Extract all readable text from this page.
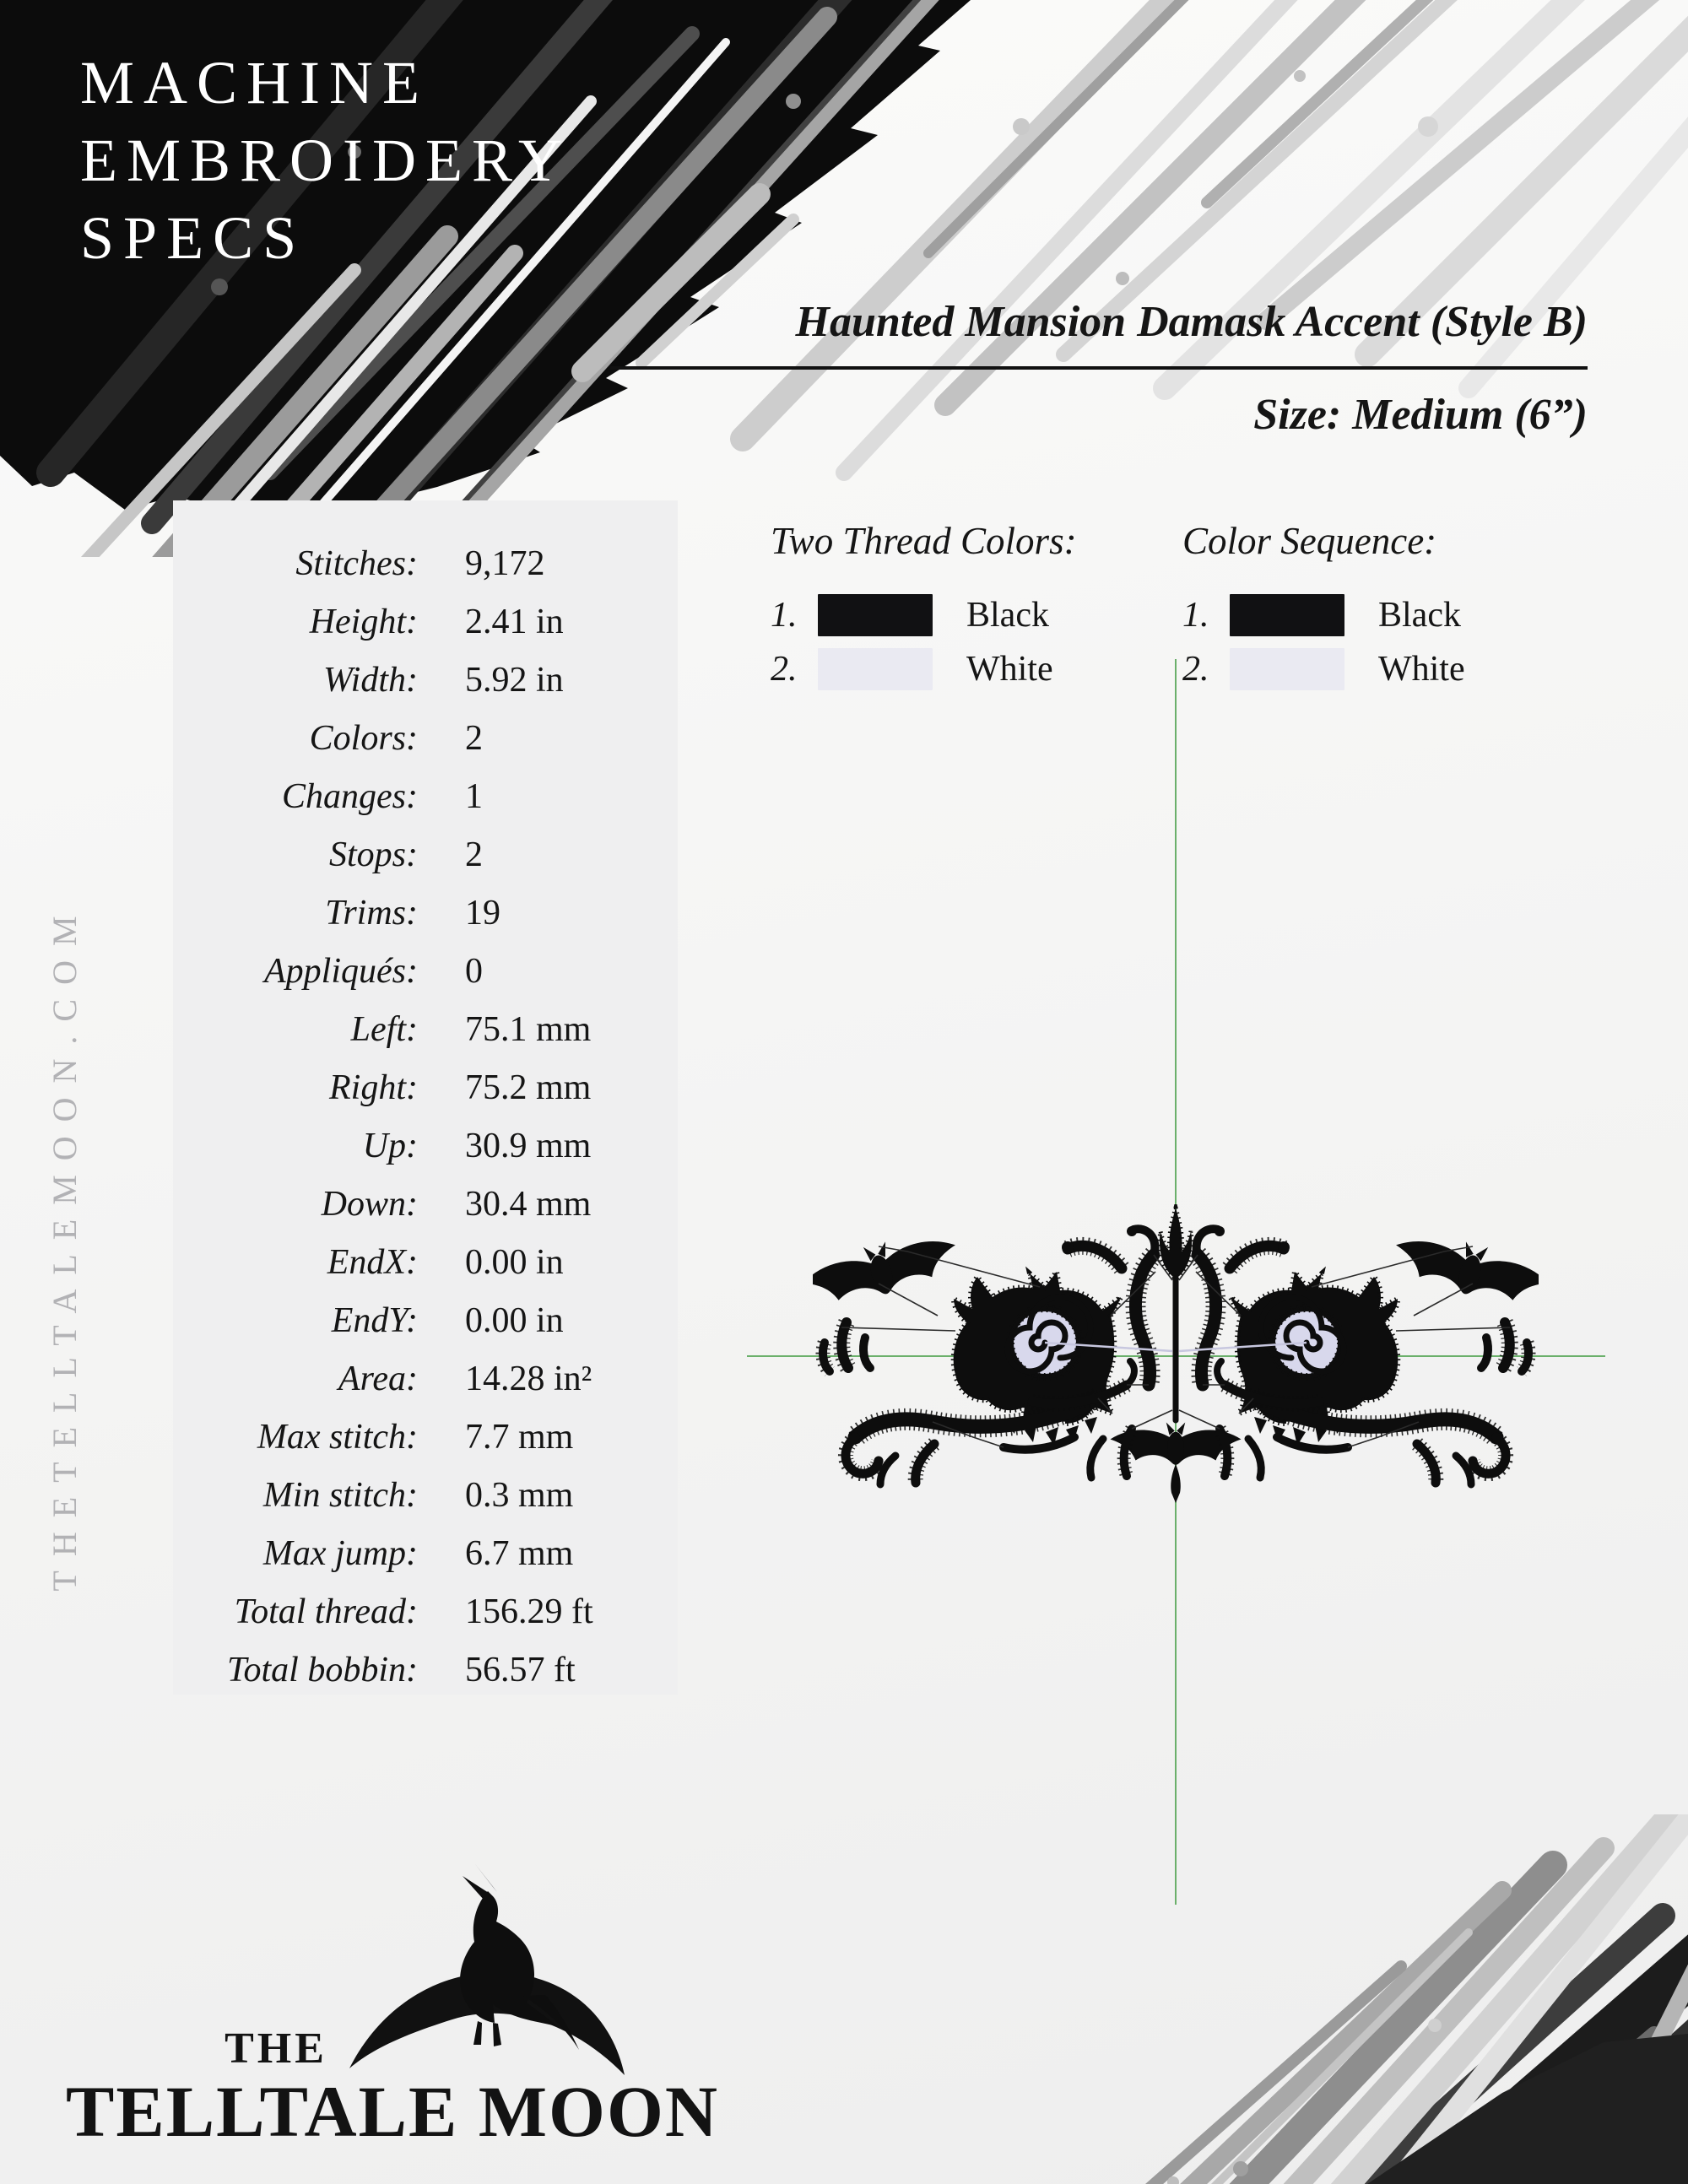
MACHINE
EMBROIDERY
SPECS
Haunted Mansion Damask Accent (Style B)
Size: Medium (6”)
Stitches: 9,172
Height: 2.41 in
Width: 5.92 in
Colors: 2
Changes: 1
Stops: 2
Trims: 19
Appliqués: 0
Left: 75.1 mm
Right: 75.2 mm
Up: 30.9 mm
Down: 30.4 mm
EndX: 0.00 in
EndY: 0.00 in
Area: 14.28 in²
Max stitch: 7.7 mm
Min stitch: 0.3 mm
Max jump: 6.7 mm
Total thread: 156.29 ft
Total bobbin: 56.57 ft
Two Thread Colors:
1.	Black
2.	White
Color Sequence:
1.	Black
2.	White
THE
TELLTALE MOON
THETELLTALEMOON.COM
